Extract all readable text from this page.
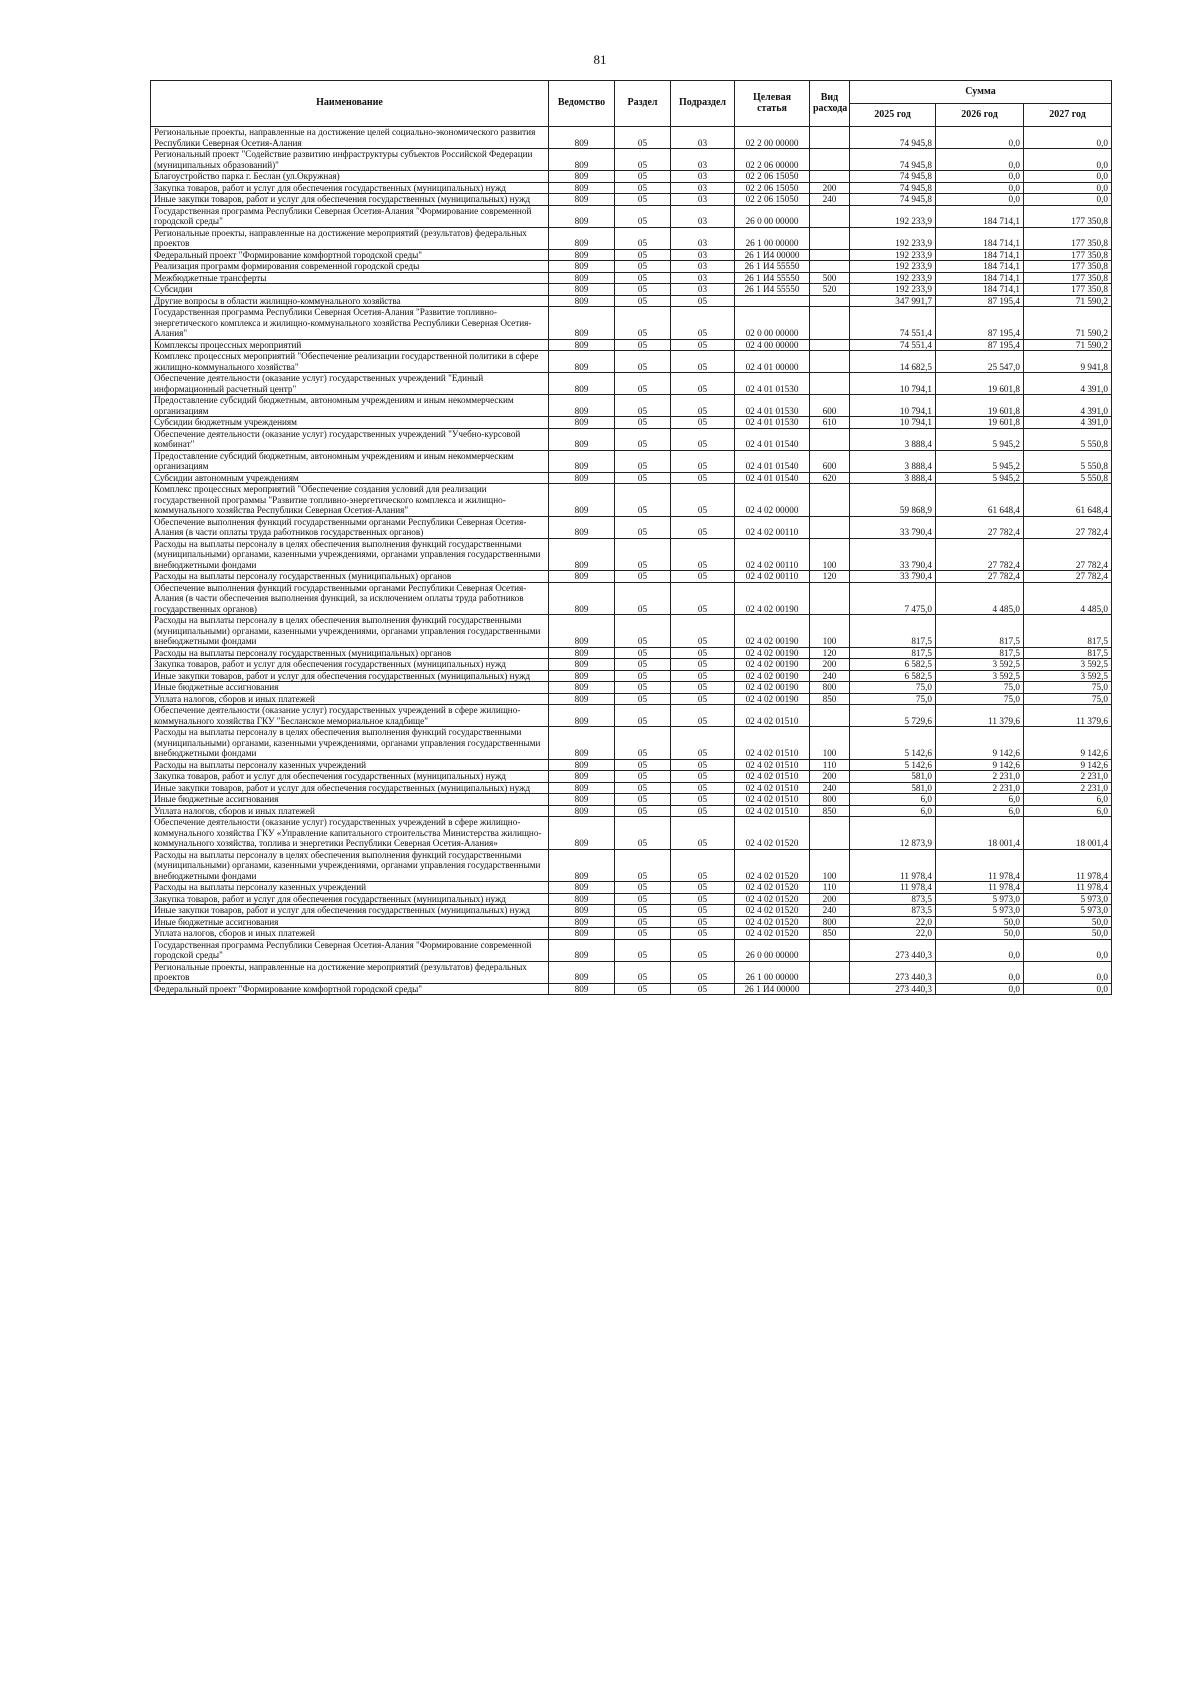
81
Наименование	Ведомство	Раздел	Подраздел	Целевая статья	Вид расхода	Сумма		
						2025 год	2026 год	2027 год
Региональные проекты, направленные на достижение целей социально-экономического развития Республики Северная Осетия-Алания	809	05	03	02 2 00 00000		74 945,8	0,0	0,0
Региональный проект "Содействие развитию инфраструктуры субъектов Российской Федерации (муниципальных образований)"	809	05	03	02 2 06 00000		74 945,8	0,0	0,0
Благоустройство парка г. Беслан (ул.Окружная)	809	05	03	02 2 06 15050		74 945,8	0,0	0,0
Закупка товаров, работ и услуг для обеспечения государственных (муниципальных) нужд	809	05	03	02 2 06 15050	200	74 945,8	0,0	0,0
Иные закупки товаров, работ и услуг для обеспечения государственных (муниципальных) нужд	809	05	03	02 2 06 15050	240	74 945,8	0,0	0,0
Государственная программа Республики Северная Осетия-Алания "Формирование современной городской среды"	809	05	03	26 0 00 00000		192 233,9	184 714,1	177 350,8
Региональные проекты, направленные на достижение мероприятий (результатов) федеральных проектов	809	05	03	26 1 00 00000		192 233,9	184 714,1	177 350,8
Федеральный проект "Формирование комфортной городской среды"	809	05	03	26 1 И4 00000		192 233,9	184 714,1	177 350,8
Реализация программ формирования современной городской среды	809	05	03	26 1 И4 55550		192 233,9	184 714,1	177 350,8
Межбюджетные трансферты	809	05	03	26 1 И4 55550	500	192 233,9	184 714,1	177 350,8
Субсидии	809	05	03	26 1 И4 55550	520	192 233,9	184 714,1	177 350,8
Другие вопросы в области жилищно-коммунального хозяйства	809	05	05			347 991,7	87 195,4	71 590,2
Государственная программа Республики Северная Осетия-Алания "Развитие топливно-энергетического комплекса и жилищно-коммунального хозяйства Республики Северная Осетия-Алания"	809	05	05	02 0 00 00000		74 551,4	87 195,4	71 590,2
Комплексы процессных мероприятий	809	05	05	02 4 00 00000		74 551,4	87 195,4	71 590,2
Комплекс процессных мероприятий "Обеспечение реализации государственной политики в сфере жилищно-коммунального хозяйства"	809	05	05	02 4 01 00000		14 682,5	25 547,0	9 941,8
Обеспечение деятельности (оказание услуг) государственных учреждений "Единый информационный расчетный центр"	809	05	05	02 4 01 01530		10 794,1	19 601,8	4 391,0
Предоставление субсидий бюджетным, автономным учреждениям и иным некоммерческим организациям	809	05	05	02 4 01 01530	600	10 794,1	19 601,8	4 391,0
Субсидии бюджетным учреждениям	809	05	05	02 4 01 01530	610	10 794,1	19 601,8	4 391,0
Обеспечение деятельности (оказание услуг) государственных учреждений "Учебно-курсовой комбинат"	809	05	05	02 4 01 01540		3 888,4	5 945,2	5 550,8
Предоставление субсидий бюджетным, автономным учреждениям и иным некоммерческим организациям	809	05	05	02 4 01 01540	600	3 888,4	5 945,2	5 550,8
Субсидии автономным учреждениям	809	05	05	02 4 01 01540	620	3 888,4	5 945,2	5 550,8
Комплекс процессных мероприятий "Обеспечение создания условий для реализации государственной программы "Развитие топливно-энергетического комплекса и жилищно-коммунального хозяйства Республики Северная Осетия-Алания"	809	05	05	02 4 02 00000		59 868,9	61 648,4	61 648,4
Обеспечение выполнения функций государственными органами Республики Северная Осетия-Алания (в части оплаты труда работников государственных органов)	809	05	05	02 4 02 00110		33 790,4	27 782,4	27 782,4
Расходы на выплаты персоналу в целях обеспечения выполнения функций государственными (муниципальными) органами, казенными учреждениями, органами управления государственными внебюджетными фондами	809	05	05	02 4 02 00110	100	33 790,4	27 782,4	27 782,4
Расходы на выплаты персоналу государственных (муниципальных) органов	809	05	05	02 4 02 00110	120	33 790,4	27 782,4	27 782,4
Обеспечение выполнения функций государственными органами Республики Северная Осетия-Алания (в части обеспечения выполнения функций, за исключением оплаты труда работников государственных органов)	809	05	05	02 4 02 00190		7 475,0	4 485,0	4 485,0
Расходы на выплаты персоналу в целях обеспечения выполнения функций государственными (муниципальными) органами, казенными учреждениями, органами управления государственными внебюджетными фондами	809	05	05	02 4 02 00190	100	817,5	817,5	817,5
Расходы на выплаты персоналу государственных (муниципальных) органов	809	05	05	02 4 02 00190	120	817,5	817,5	817,5
Закупка товаров, работ и услуг для обеспечения государственных (муниципальных) нужд	809	05	05	02 4 02 00190	200	6 582,5	3 592,5	3 592,5
Иные закупки товаров, работ и услуг для обеспечения государственных (муниципальных) нужд	809	05	05	02 4 02 00190	240	6 582,5	3 592,5	3 592,5
Иные бюджетные ассигнования	809	05	05	02 4 02 00190	800	75,0	75,0	75,0
Уплата налогов, сборов и иных платежей	809	05	05	02 4 02 00190	850	75,0	75,0	75,0
Обеспечение деятельности (оказание услуг) государственных учреждений в сфере жилищно-коммунального хозяйства ГКУ "Бесланское мемориальное кладбище"	809	05	05	02 4 02 01510		5 729,6	11 379,6	11 379,6
Расходы на выплаты персоналу в целях обеспечения выполнения функций государственными (муниципальными) органами, казенными учреждениями, органами управления государственными внебюджетными фондами	809	05	05	02 4 02 01510	100	5 142,6	9 142,6	9 142,6
Расходы на выплаты персоналу казенных учреждений	809	05	05	02 4 02 01510	110	5 142,6	9 142,6	9 142,6
Закупка товаров, работ и услуг для обеспечения государственных (муниципальных) нужд	809	05	05	02 4 02 01510	200	581,0	2 231,0	2 231,0
Иные закупки товаров, работ и услуг для обеспечения государственных (муниципальных) нужд	809	05	05	02 4 02 01510	240	581,0	2 231,0	2 231,0
Иные бюджетные ассигнования	809	05	05	02 4 02 01510	800	6,0	6,0	6,0
Уплата налогов, сборов и иных платежей	809	05	05	02 4 02 01510	850	6,0	6,0	6,0
Обеспечение деятельности (оказание услуг) государственных учреждений в сфере жилищно-коммунального хозяйства ГКУ «Управление капитального строительства Министерства жилищно-коммунального хозяйства, топлива и энергетики Республики Северная Осетия-Алания»	809	05	05	02 4 02 01520		12 873,9	18 001,4	18 001,4
Расходы на выплаты персоналу в целях обеспечения выполнения функций государственными (муниципальными) органами, казенными учреждениями, органами управления государственными внебюджетными фондами	809	05	05	02 4 02 01520	100	11 978,4	11 978,4	11 978,4
Расходы на выплаты персоналу казенных учреждений	809	05	05	02 4 02 01520	110	11 978,4	11 978,4	11 978,4
Закупка товаров, работ и услуг для обеспечения государственных (муниципальных) нужд	809	05	05	02 4 02 01520	200	873,5	5 973,0	5 973,0
Иные закупки товаров, работ и услуг для обеспечения государственных (муниципальных) нужд	809	05	05	02 4 02 01520	240	873,5	5 973,0	5 973,0
Иные бюджетные ассигнования	809	05	05	02 4 02 01520	800	22,0	50,0	50,0
Уплата налогов, сборов и иных платежей	809	05	05	02 4 02 01520	850	22,0	50,0	50,0
Государственная программа Республики Северная Осетия-Алания "Формирование современной городской среды"	809	05	05	26 0 00 00000		273 440,3	0,0	0,0
Региональные проекты, направленные на достижение мероприятий (результатов) федеральных проектов	809	05	05	26 1 00 00000		273 440,3	0,0	0,0
Федеральный проект "Формирование комфортной городской среды"	809	05	05	26 1 И4 00000		273 440,3	0,0	0,0
